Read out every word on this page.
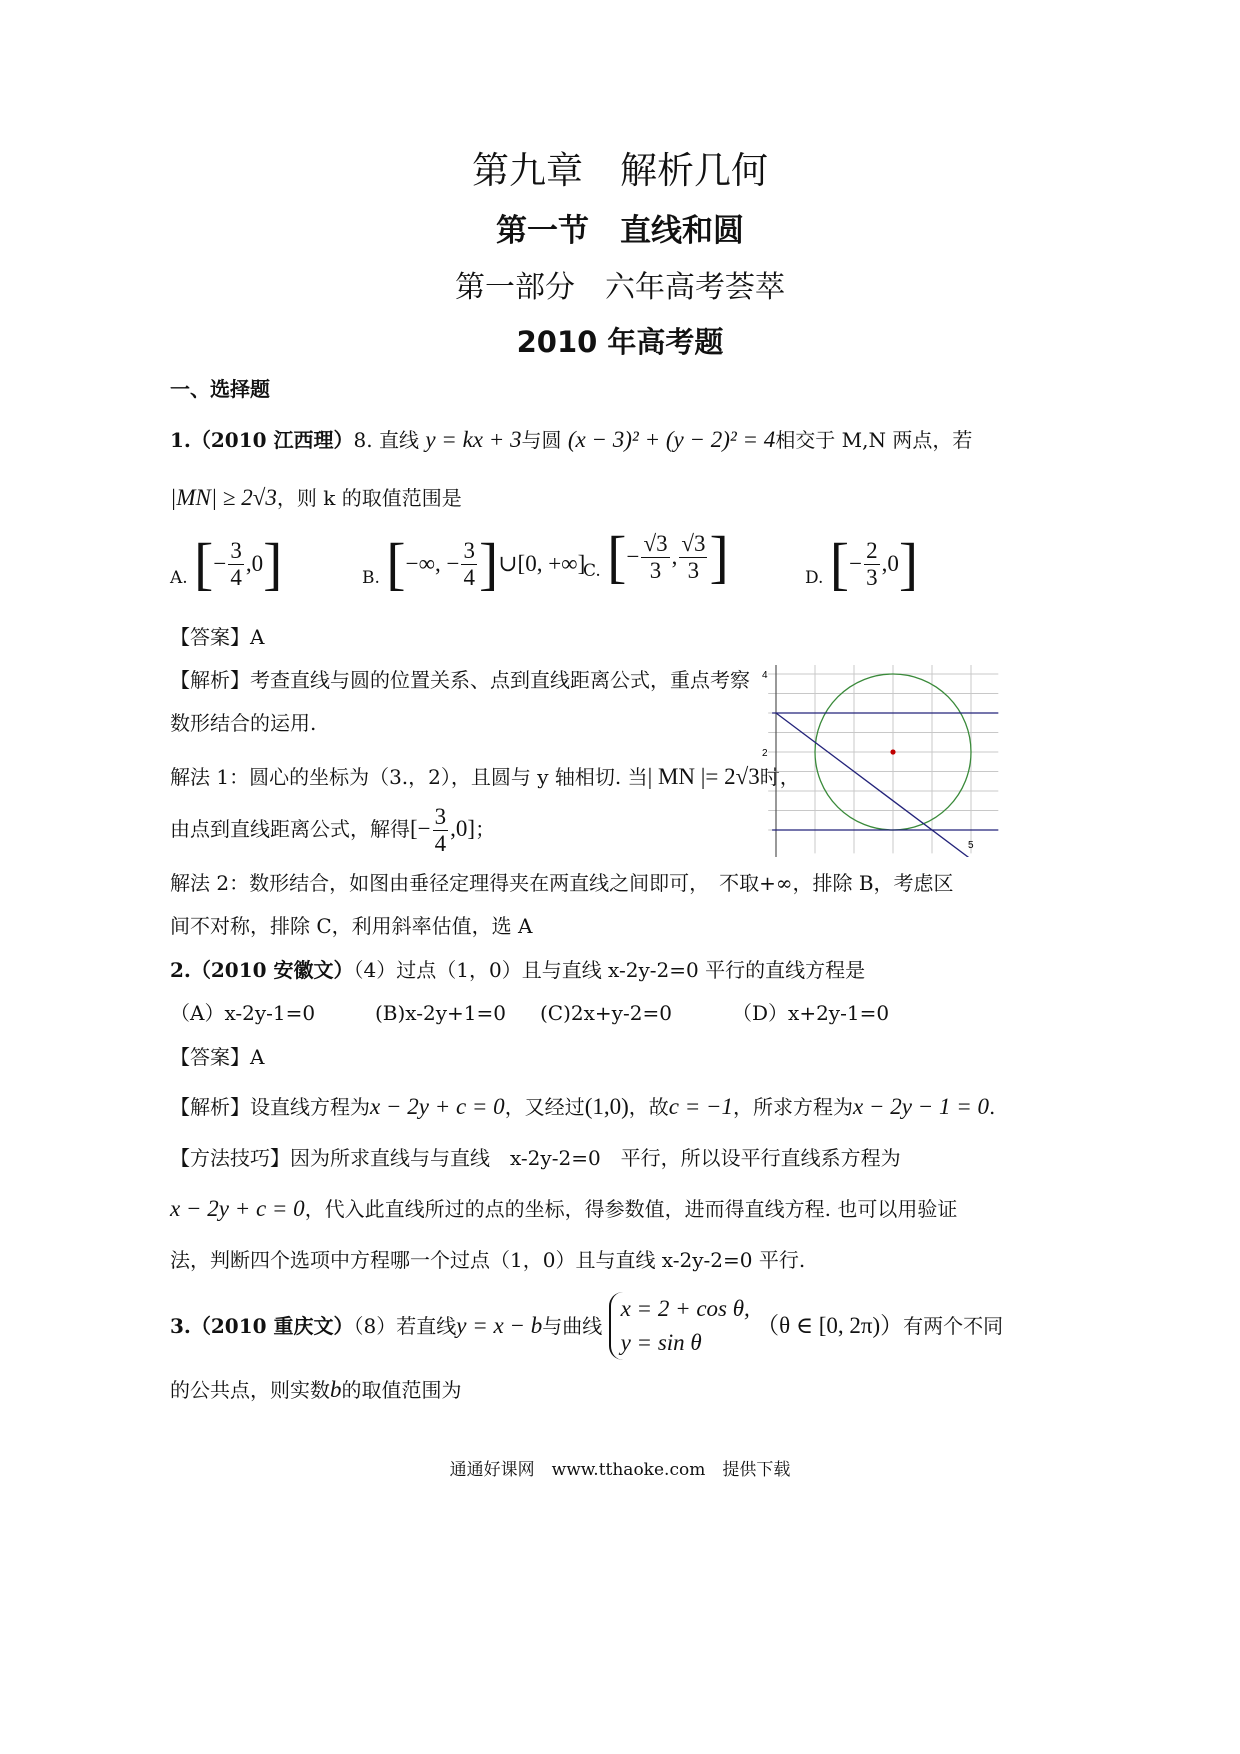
第九章　解析几何
第一节　直线和圆
第一部分　六年高考荟萃
2010 年高考题
一、选择题
1.（2010 江西理）8. 直线 y = kx + 3与圆 (x − 3)² + (y − 2)² = 4相交于 M,N 两点，若
|MN| ≥ 2√3，则 k 的取值范围是
A. [− $\frac{3}{4} ,0$]	B. [−∞, − $\frac{3}{4}$ ]∪[0, +∞]
C. [− $\frac{√3}{3}$ , $\frac{√3}{3}$ ]	D. [− $\frac{2}{3} ,0$]
【答案】A
【解析】考查直线与圆的位置关系、点到直线距离公式，重点考察
数形结合的运用.
解法 1：圆心的坐标为（3.，2），且圆与 y 轴相切. 当| MN |= 2√3时，
由点到直线距离公式，解得[− $\frac{3}{4} ,0$]；
解法 2：数形结合，如图由垂径定理得夹在两直线之间即可，　不取+∞，排除 B，考虑区
间不对称，排除 C，利用斜率估值，选 A
4
2
5
2.（2010 安徽文）（4）过点（1，0）且与直线 x-2y-2=0 平行的直线方程是
（A）x-2y-1=0	(B)x-2y+1=0 (C)2x+y-2=0	（D）x+2y-1=0
【答案】A
【解析】设直线方程为x − 2y + c = 0，又经过(1,0)，故c = −1，所求方程为x − 2y − 1 = 0.
【方法技巧】因为所求直线与与直线　x-2y-2=0　平行，所以设平行直线系方程为
x − 2y + c = 0，代入此直线所过的点的坐标，得参数值，进而得直线方程. 也可以用验证
法，判断四个选项中方程哪一个过点（1，0）且与直线 x-2y-2=0 平行.
3.（2010 重庆文）（8）若直线y = x − b与曲线
x = 2 + cos θ,
y = sin θ
（θ ∈ [0, 2π)）有两个不同
的公共点，则实数b的取值范围为
通通好课网　www.tthaoke.com　提供下载
